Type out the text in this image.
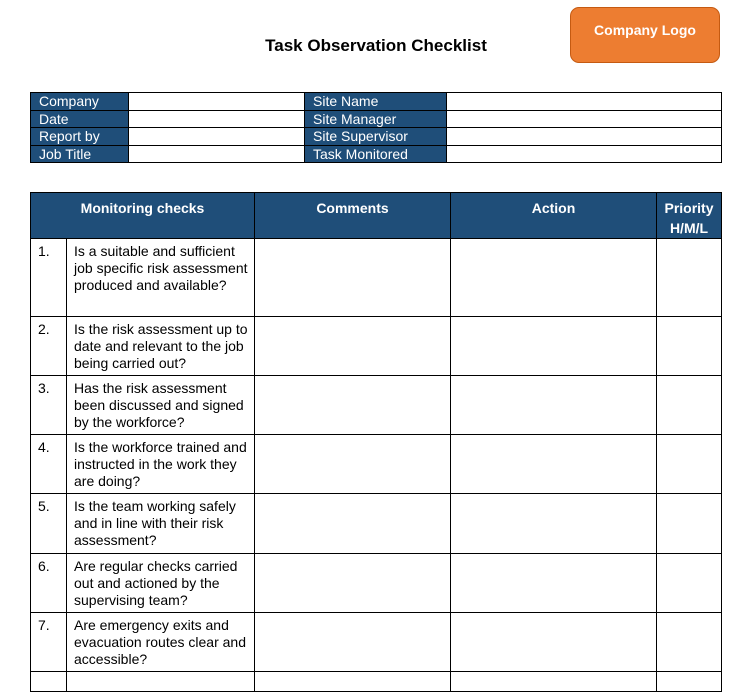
Company Logo
Task Observation Checklist
Company		Site Name	
Date		Site Manager	
Report by		Site Supervisor	
Job Title		Task Monitored	
Monitoring checks		Comments	Action	Priority
H/M/L
1.	Is a suitable and sufficient job specific risk assessment produced and available?			
2.	Is the risk assessment up to date and relevant to the job being carried out?			
3.	Has the risk assessment been discussed and signed by the workforce?			
4.	Is the workforce trained and instructed in the work they are doing?			
5.	Is the team working safely and in line with their risk assessment?			
6.	Are regular checks carried out and actioned by the supervising team?			
7.	Are emergency exits and evacuation routes clear and accessible?			
